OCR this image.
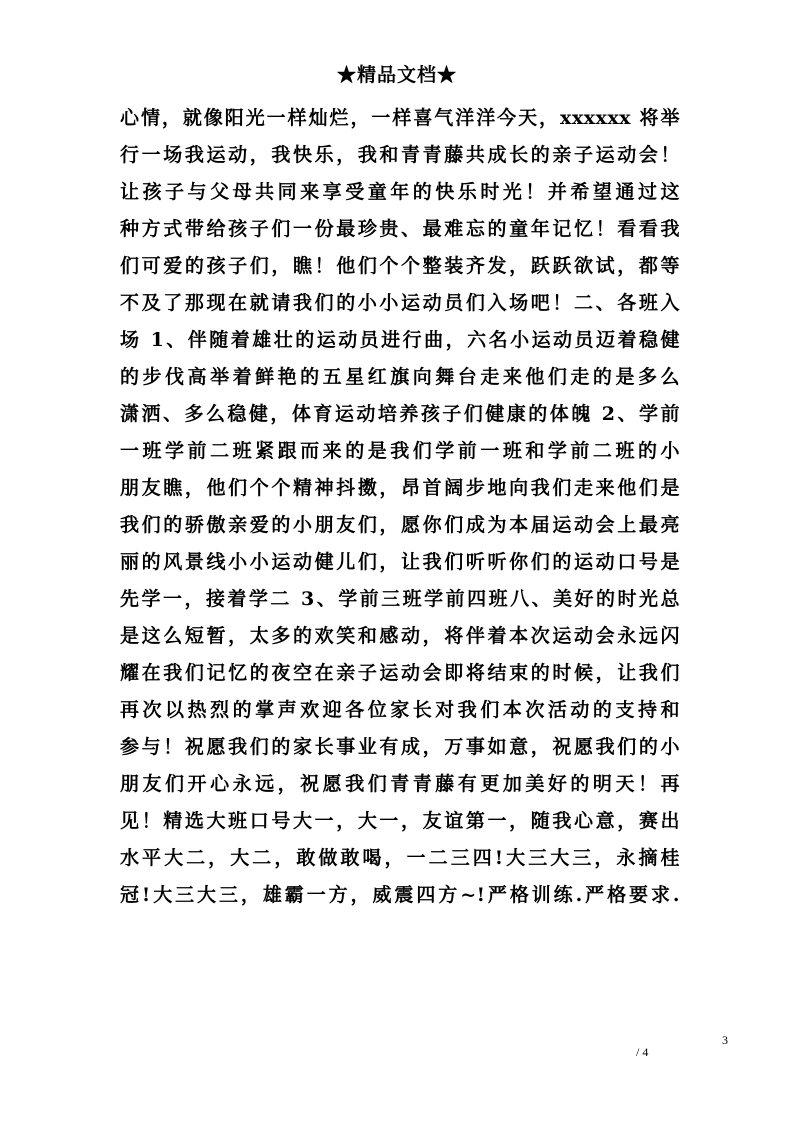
★精品文档★
心情，就像阳光一样灿烂，一样喜气洋洋今天，xxxxxx 将举
行一场我运动，我快乐，我和青青藤共成长的亲子运动会！
让孩子与父母共同来享受童年的快乐时光！并希望通过这
种方式带给孩子们一份最珍贵、最难忘的童年记忆！看看我
们可爱的孩子们，瞧！他们个个整装齐发，跃跃欲试，都等
不及了那现在就请我们的小小运动员们入场吧！二、各班入
场 1、伴随着雄壮的运动员进行曲，六名小运动员迈着稳健
的步伐高举着鲜艳的五星红旗向舞台走来他们走的是多么
潇洒、多么稳健，体育运动培养孩子们健康的体魄 2、学前
一班学前二班紧跟而来的是我们学前一班和学前二班的小
朋友瞧，他们个个精神抖擞，昂首阔步地向我们走来他们是
我们的骄傲亲爱的小朋友们，愿你们成为本届运动会上最亮
丽的风景线小小运动健儿们，让我们听听你们的运动口号是
先学一，接着学二 3、学前三班学前四班八、美好的时光总
是这么短暂，太多的欢笑和感动，将伴着本次运动会永远闪
耀在我们记忆的夜空在亲子运动会即将结束的时候，让我们
再次以热烈的掌声欢迎各位家长对我们本次活动的支持和
参与！祝愿我们的家长事业有成，万事如意，祝愿我们的小
朋友们开心永远，祝愿我们青青藤有更加美好的明天！再
见！精选大班口号大一，大一，友谊第一，随我心意，赛出
水平大二，大二，敢做敢喝，一二三四!大三大三，永摘桂
冠!大三大三，雄霸一方，威震四方~!严格训练.严格要求.
3
/ 4
